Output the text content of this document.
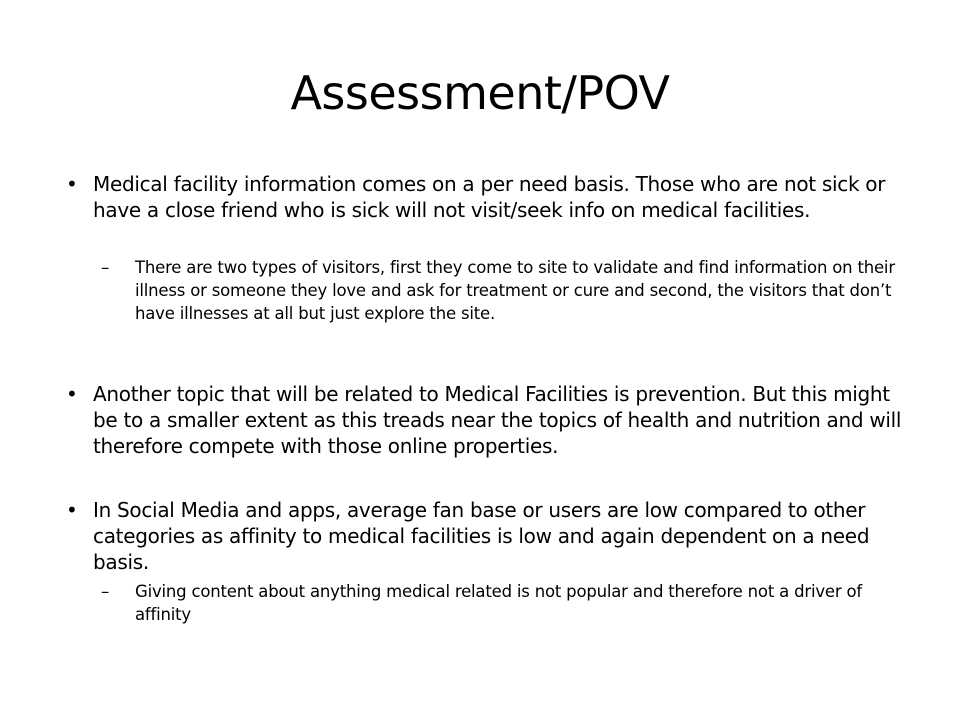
Assessment/POV
• Medical facility information comes on a per need basis. Those who are not sick or have a close friend who is sick will not visit/seek info on medical facilities.
– There are two types of visitors, first they come to site to validate and find information on their illness or someone they love and ask for treatment or cure and second, the visitors that don’t have illnesses at all but just explore the site.
• Another topic that will be related to Medical Facilities is prevention. But this might be to a smaller extent as this treads near the topics of health and nutrition and will therefore compete with those online properties.
• In Social Media and apps, average fan base or users are low compared to other categories as affinity to medical facilities is low and again dependent on a need basis.
– Giving content about anything medical related is not popular and therefore not a driver of affinity
